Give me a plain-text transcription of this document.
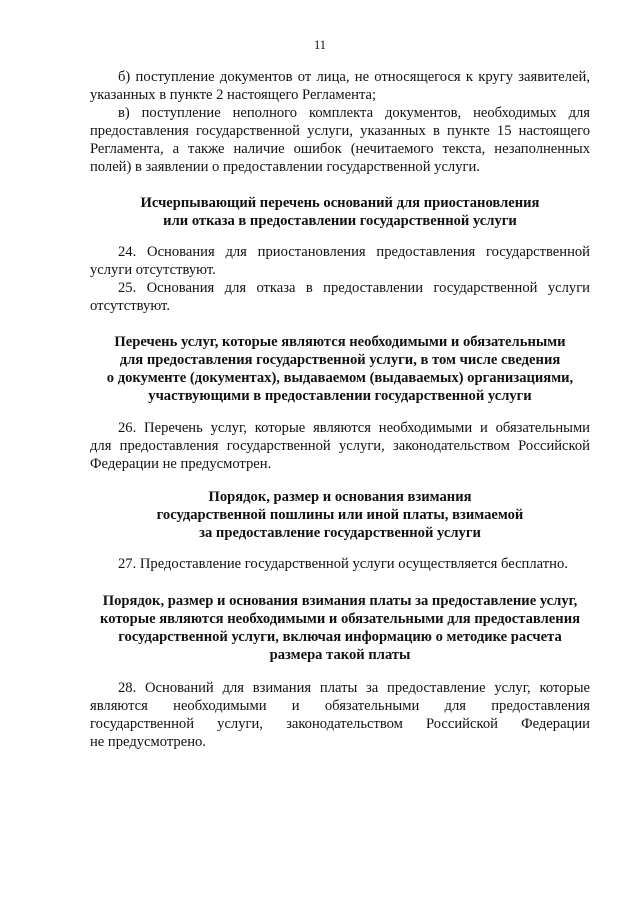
11
б) поступление документов от лица, не относящегося к кругу заявителей,
указанных в пункте 2 настоящего Регламента;
в) поступление неполного комплекта документов, необходимых для
предоставления государственной услуги, указанных в пункте 15 настоящего
Регламента, а также наличие ошибок (нечитаемого текста, незаполненных
полей) в заявлении о предоставлении государственной услуги.
Исчерпывающий перечень оснований для приостановления
или отказа в предоставлении государственной услуги
24. Основания для приостановления предоставления государственной
услуги отсутствуют.
25. Основания для отказа в предоставлении государственной услуги
отсутствуют.
Перечень услуг, которые являются необходимыми и обязательными
для предоставления государственной услуги, в том числе сведения
о документе (документах), выдаваемом (выдаваемых) организациями,
участвующими в предоставлении государственной услуги
26. Перечень услуг, которые являются необходимыми и обязательными
для предоставления государственной услуги, законодательством Российской
Федерации не предусмотрен.
Порядок, размер и основания взимания
государственной пошлины или иной платы, взимаемой
за предоставление государственной услуги
27. Предоставление государственной услуги осуществляется бесплатно.
Порядок, размер и основания взимания платы за предоставление услуг,
которые являются необходимыми и обязательными для предоставления
государственной услуги, включая информацию о методике расчета
размера такой платы
28. Оснований для взимания платы за предоставление услуг, которые
являются необходимыми и обязательными для предоставления
государственной услуги, законодательством Российской Федерации
не предусмотрено.
